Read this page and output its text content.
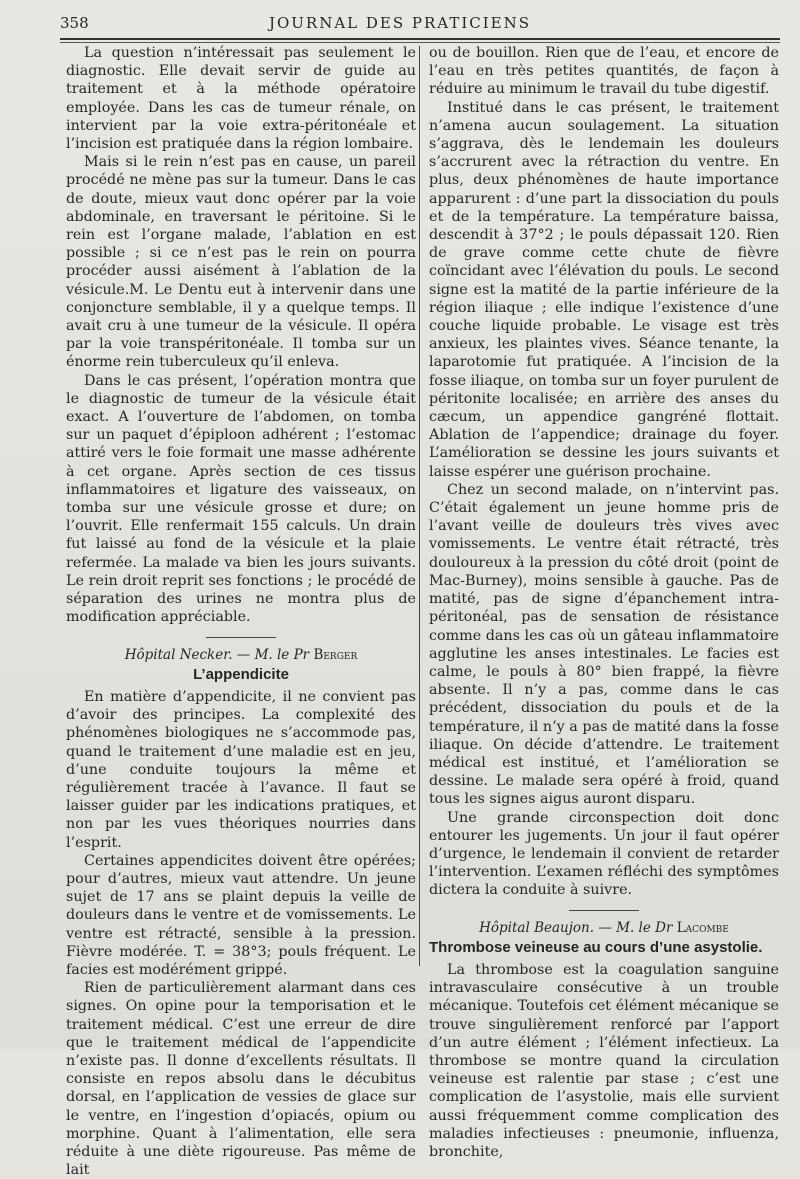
358	JOURNAL DES PRATICIENS

La question n’intéressait pas seulement le diagnostic. Elle devait servir de guide au traitement et à la méthode opératoire employée. Dans les cas de tumeur rénale, on intervient par la voie extra-péritonéale et l’incision est pratiquée dans la région lombaire.

Mais si le rein n’est pas en cause, un pareil procédé ne mène pas sur la tumeur. Dans le cas de doute, mieux vaut donc opérer par la voie abdominale, en traversant le péritoine. Si le rein est l’organe malade, l’ablation en est possible ; si ce n’est pas le rein on pourra procéder aussi aisément à l’ablation de la vésicule.M. Le Dentu eut à intervenir dans une conjoncture semblable, il y a quelque temps. Il avait cru à une tumeur de la vésicule. Il opéra par la voie transpéritonéale. Il tomba sur un énorme rein tuberculeux qu’il enleva.

Dans le cas présent, l’opération montra que le diagnostic de tumeur de la vésicule était exact. A l’ouverture de l’abdomen, on tomba sur un paquet d’épiploon adhérent ; l’estomac attiré vers le foie formait une masse adhérente à cet organe. Après section de ces tissus inflammatoires et ligature des vaisseaux, on tomba sur une vésicule grosse et dure; on l’ouvrit. Elle renfermait 155 calculs. Un drain fut laissé au fond de la vésicule et la plaie refermée. La malade va bien les jours suivants. Le rein droit reprit ses fonctions ; le procédé de séparation des urines ne montra plus de modification appréciable.

Hôpital Necker. — M. le Pr Berger
L’appendicite

En matière d’appendicite, il ne convient pas d’avoir des principes. La complexité des phénomènes biologiques ne s’accommode pas, quand le traitement d’une maladie est en jeu, d’une conduite toujours la même et régulièrement tracée à l’avance. Il faut se laisser guider par les indications pratiques, et non par les vues théoriques nourries dans l’esprit.

Certaines appendicites doivent être opérées; pour d’autres, mieux vaut attendre. Un jeune sujet de 17 ans se plaint depuis la veille de douleurs dans le ventre et de vomissements. Le ventre est rétracté, sensible à la pression. Fièvre modérée. T. = 38°3; pouls fréquent. Le facies est modérément grippé.

Rien de particulièrement alarmant dans ces signes. On opine pour la temporisation et le traitement médical. C’est une erreur de dire que le traitement médical de l’appendicite n’existe pas. Il donne d’excellents résultats. Il consiste en repos absolu dans le décubitus dorsal, en l’application de vessies de glace sur le ventre, en l’ingestion d’opiacés, opium ou morphine. Quant à l’alimentation, elle sera réduite à une diète rigoureuse. Pas même de lait

ou de bouillon. Rien que de l’eau, et encore de l’eau en très petites quantités, de façon à réduire au minimum le travail du tube digestif.

Institué dans le cas présent, le traitement n’amena aucun soulagement. La situation s’aggrava, dès le lendemain les douleurs s’accrurent avec la rétraction du ventre. En plus, deux phénomènes de haute importance apparurent : d’une part la dissociation du pouls et de la température. La température baissa, descendit à 37°2 ; le pouls dépassait 120. Rien de grave comme cette chute de fièvre coïncidant avec l’élévation du pouls. Le second signe est la matité de la partie inférieure de la région iliaque ; elle indique l’existence d’une couche liquide probable. Le visage est très anxieux, les plaintes vives. Séance tenante, la laparotomie fut pratiquée. A l’incision de la fosse iliaque, on tomba sur un foyer purulent de péritonite localisée; en arrière des anses du cæcum, un appendice gangréné flottait. Ablation de l’appendice; drainage du foyer. L’amélioration se dessine les jours suivants et laisse espérer une guérison prochaine.

Chez un second malade, on n’intervint pas. C’était également un jeune homme pris de l’avant veille de douleurs très vives avec vomissements. Le ventre était rétracté, très douloureux à la pression du côté droit (point de Mac-Burney), moins sensible à gauche. Pas de matité, pas de signe d’épanchement intra-péritonéal, pas de sensation de résistance comme dans les cas où un gâteau inflammatoire agglutine les anses intestinales. Le facies est calme, le pouls à 80° bien frappé, la fièvre absente. Il n’y a pas, comme dans le cas précédent, dissociation du pouls et de la température, il n’y a pas de matité dans la fosse iliaque. On décide d’attendre. Le traitement médical est institué, et l’amélioration se dessine. Le malade sera opéré à froid, quand tous les signes aigus auront disparu.

Une grande circonspection doit donc entourer les jugements. Un jour il faut opérer d’urgence, le lendemain il convient de retarder l’intervention. L’examen réfléchi des symptômes dictera la conduite à suivre.

Hôpital Beaujon. — M. le Dr Lacombe
Thrombose veineuse au cours d’une asystolie.

La thrombose est la coagulation sanguine intravasculaire consécutive à un trouble mécanique. Toutefois cet élément mécanique se trouve singulièrement renforcé par l’apport d’un autre élément ; l’élément infectieux. La thrombose se montre quand la circulation veineuse est ralentie par stase ; c’est une complication de l’asystolie, mais elle survient aussi fréquemment comme complication des maladies infectieuses : pneumonie, influenza, bronchite,
